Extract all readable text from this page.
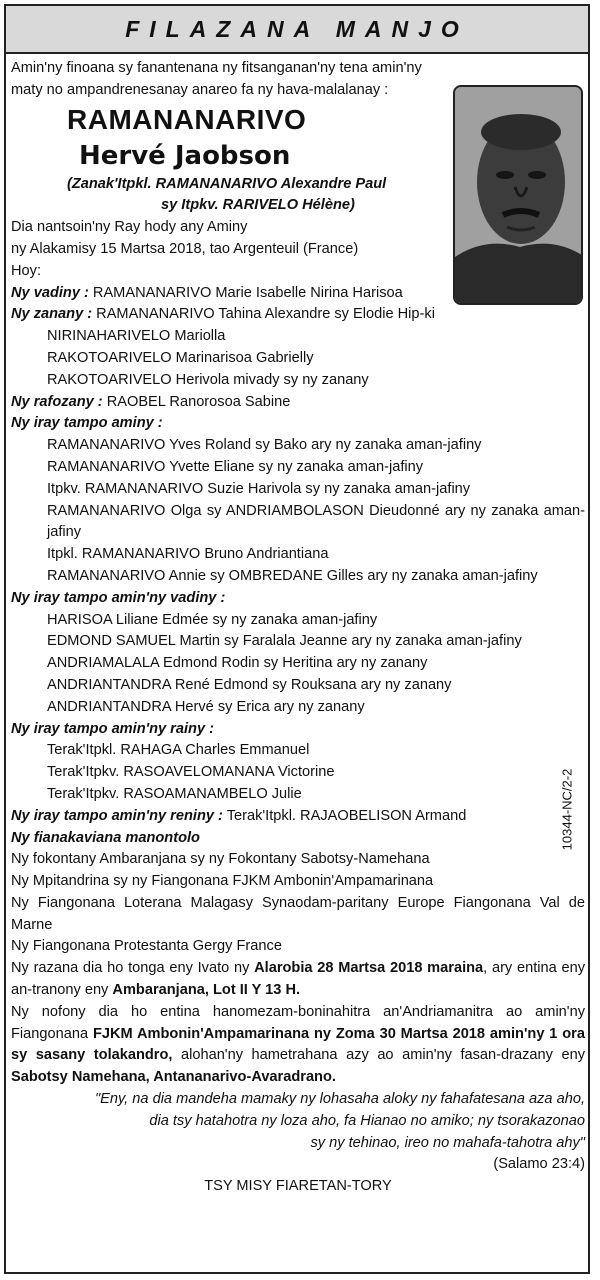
FILAZANA MANJO
10344-NC/2-2
Amin'ny finoana sy fanantenana ny fitsanganan'ny tena amin'ny
maty no ampandrenesanay anareo fa ny hava-malalanay :
RAMANANARIVO
Hervé Jaobson
(Zanak'Itpkl. RAMANANARIVO Alexandre Paul
sy Itpkv. RARIVELO Hélène)
Dia nantsoin'ny Ray hody any Aminy
ny Alakamisy 15 Martsa 2018, tao Argenteuil (France)
Hoy:
Ny vadiny : RAMANANARIVO Marie Isabelle Nirina Harisoa
Ny zanany : RAMANANARIVO Tahina Alexandre sy Elodie Hip-ki
NIRINAHARIVELO Mariolla
RAKOTOARIVELO Marinarisoa Gabrielly
RAKOTOARIVELO Herivola mivady sy ny zanany
Ny rafozany : RAOBEL Ranorosoa Sabine
Ny iray tampo aminy :
RAMANANARIVO Yves Roland sy Bako ary ny zanaka aman-jafiny
RAMANANARIVO Yvette Eliane sy ny zanaka aman-jafiny
Itpkv. RAMANANARIVO Suzie Harivola sy ny zanaka aman-jafiny
RAMANANARIVO Olga sy ANDRIAMBOLASON Dieudonné ary ny zanaka aman-jafiny
Itpkl. RAMANANARIVO Bruno Andriantiana
RAMANANARIVO Annie sy OMBREDANE Gilles ary ny zanaka aman-jafiny
Ny iray tampo amin'ny vadiny :
HARISOA Liliane Edmée sy ny zanaka aman-jafiny
EDMOND SAMUEL Martin sy Faralala Jeanne ary ny zanaka aman-jafiny
ANDRIAMALALA Edmond Rodin sy Heritina ary ny zanany
ANDRIANTANDRA René Edmond sy Rouksana ary ny zanany
ANDRIANTANDRA Hervé sy Erica ary ny zanany
Ny iray tampo amin'ny rainy :
Terak'Itpkl. RAHAGA Charles Emmanuel
Terak'Itpkv. RASOAVELOMANANA Victorine
Terak'Itpkv. RASOAMANAMBELO Julie
Ny iray tampo amin'ny reniny : Terak'Itpkl. RAJAOBELISON Armand
Ny fianakaviana manontolo
Ny fokontany Ambaranjana sy ny Fokontany Sabotsy-Namehana
Ny Mpitandrina sy ny Fiangonana FJKM Ambonin'Ampamarinana
Ny Fiangonana Loterana Malagasy Synaodam-paritany Europe Fiangonana Val de Marne
Ny Fiangonana Protestanta Gergy France
Ny razana dia ho tonga eny Ivato ny Alarobia 28 Martsa 2018 maraina, ary entina eny an-tranony eny Ambaranjana, Lot II Y 13 H.
Ny nofony dia ho entina hanomezam-boninahitra an'Andriamanitra ao amin'ny Fiangonana FJKM Ambonin'Ampamarinana ny Zoma 30 Martsa 2018 amin'ny 1 ora sy sasany tolakandro, alohan'ny hametrahana azy ao amin'ny fasan-drazany eny Sabotsy Namehana, Antananarivo-Avaradrano.
"Eny, na dia mandeha mamaky ny lohasaha aloky ny fahafatesana aza aho,
dia tsy hatahotra ny loza aho, fa Hianao no amiko; ny tsorakazonao
sy ny tehinao, ireo no mahafa-tahotra ahy"
(Salamo 23:4)
TSY MISY FIARETAN-TORY
